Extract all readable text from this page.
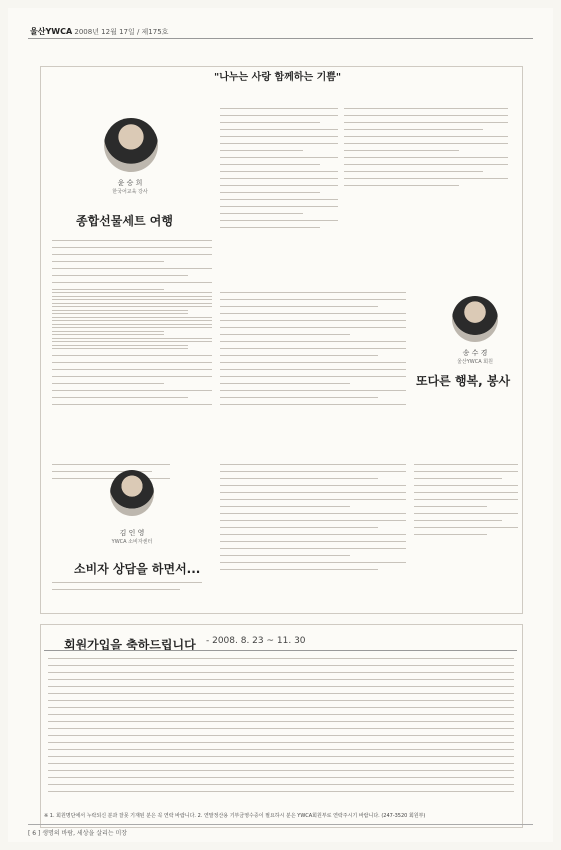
울산YWCA 2008년 12월 17일 / 제175호
"나누는 사랑 함께하는 기쁨"
윤 승 희
한국어교육 강사
종합선물세트 여행
송 수 경
울산YWCA 회원
또다른 행복, 봉사
김 인 영
YWCA 소비자센터
소비자 상담을 하면서...
회원가입을 축하드립니다 - 2008. 8. 23 ~ 11. 30
※ 1. 회원명단에서 누락되신 분과 잘못 기재된 분은 꼭 연락 바랍니다. 2. 연말정산용 기부금영수증이 필요하시 분은 YWCA회원부로 연락주시기 바랍니다. (247-3520 회원부)
[ 6 ] 생명의 바람, 세상을 살리는 미장
